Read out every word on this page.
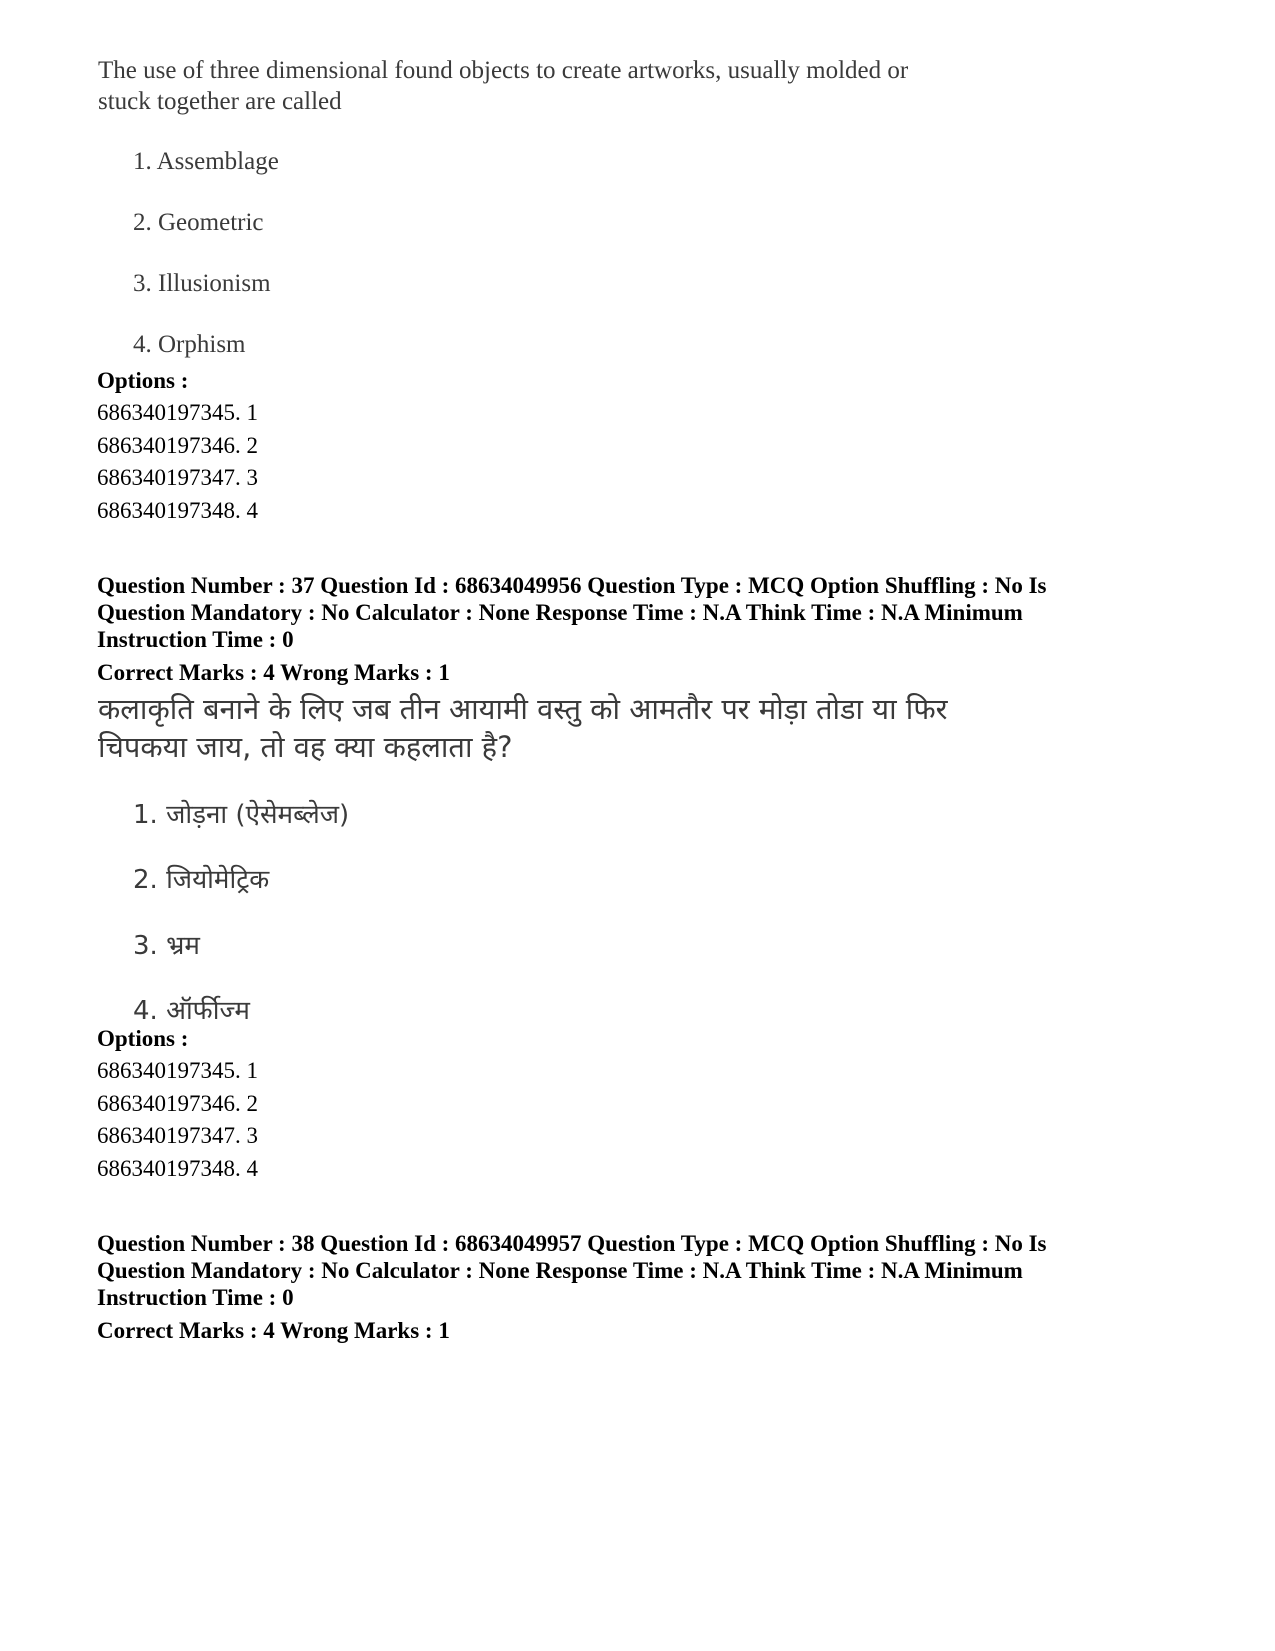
The use of three dimensional found objects to create artworks, usually molded or
stuck together are called
1. Assemblage
2. Geometric
3. Illusionism
4. Orphism
Options :
686340197345. 1
686340197346. 2
686340197347. 3
686340197348. 4
Question Number : 37 Question Id : 68634049956 Question Type : MCQ Option Shuffling : No Is
Question Mandatory : No Calculator : None Response Time : N.A Think Time : N.A Minimum
Instruction Time : 0
Correct Marks : 4 Wrong Marks : 1
कलाकृति बनाने के लिए जब तीन आयामी वस्तु को आमतौर पर मोड़ा तोडा या फिर
चिपकया जाय, तो वह क्या कहलाता है?
1. जोड़ना (ऐसेमब्लेज)
2. जियोमेट्रिक
3. भ्रम
4. ऑर्फीज्म
Options :
686340197345. 1
686340197346. 2
686340197347. 3
686340197348. 4
Question Number : 38 Question Id : 68634049957 Question Type : MCQ Option Shuffling : No Is
Question Mandatory : No Calculator : None Response Time : N.A Think Time : N.A Minimum
Instruction Time : 0
Correct Marks : 4 Wrong Marks : 1
